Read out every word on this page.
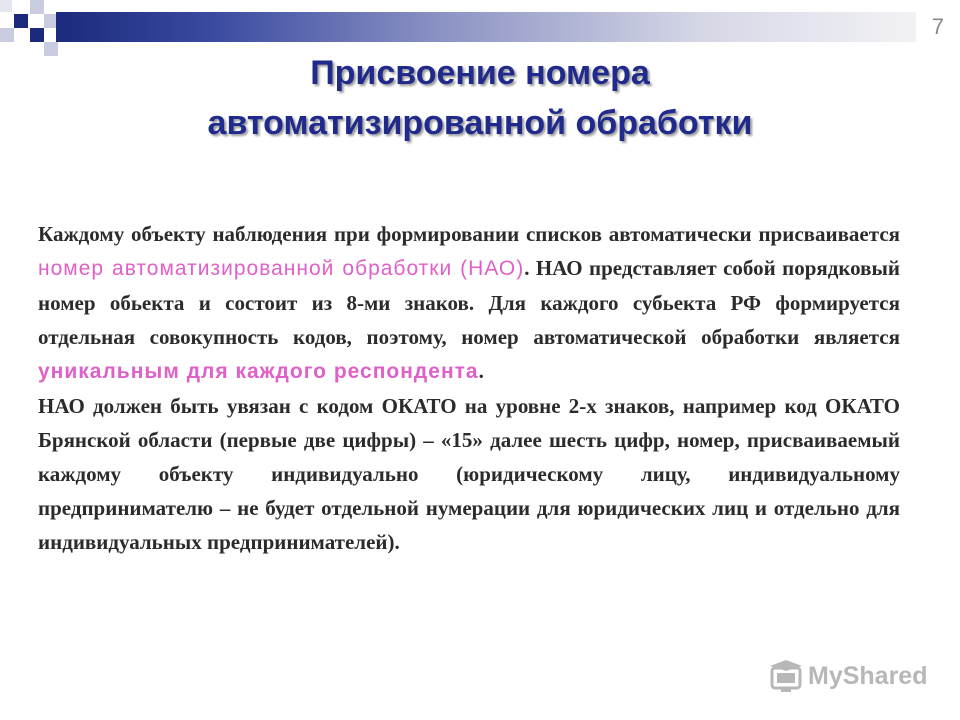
7
Присвоение номера
автоматизированной обработки

Каждому объекту наблюдения при формировании списков автоматически присваивается номер автоматизированной обработки (НАО). НАО представляет собой порядковый номер обьекта и состоит из 8-ми знаков. Для каждого субьекта РФ формируется отдельная совокупность кодов, поэтому, номер автоматической обработки является уникальным для каждого респондента.

НАО должен быть увязан с кодом ОКАТО на уровне 2-х знаков, например код ОКАТО Брянской области (первые две цифры) – «15» далее шесть цифр, номер, присваиваемый каждому объекту индивидуально (юридическому лицу, индивидуальному предпринимателю – не будет отдельной нумерации для юридических лиц и отдельно для индивидуальных предпринимателей).

MyShared
